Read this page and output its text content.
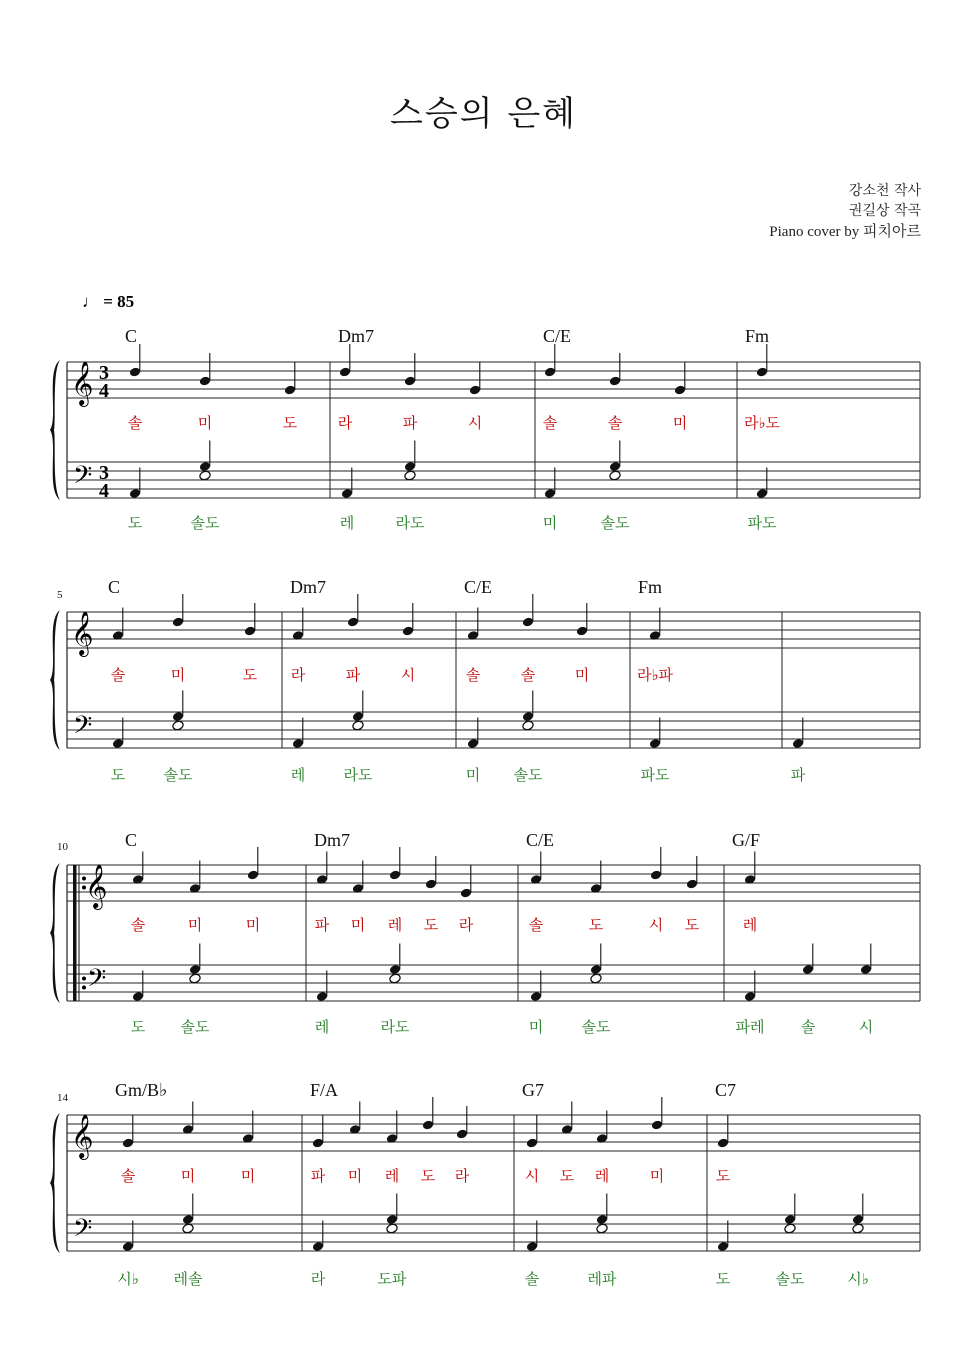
스승의 은혜
강소천 작사
권길상 작곡
Piano cover by 피치아르
♩ = 85
𝄞
𝄢
3
4
3
4
C
솔	미	도
도	솔도
Dm7
라	파	시
레	라도
C/E
솔	솔	미
미	솔도
Fm
라♭도
파도
𝄞
𝄢
5	C
솔	미	도
도	솔도
Dm7
라	파	시
레	라도
C/E
솔	솔	미
미 솔도
Fm
라♭파
파도	파
𝄞
𝄢
10	C
솔	미	미
도 솔도
Dm7
파 미 레 도 라
레	라도
C/E
솔	도	시 도
미	솔도
G/F
레
파레 솔	시
𝄞
𝄢
14	Gm/B♭
솔	미	미
시♭ 레솔
F/A
파 미 레 도 라
라	도파
G7
시 도 레	미
솔	레파
C7
도
도	솔도	시♭
